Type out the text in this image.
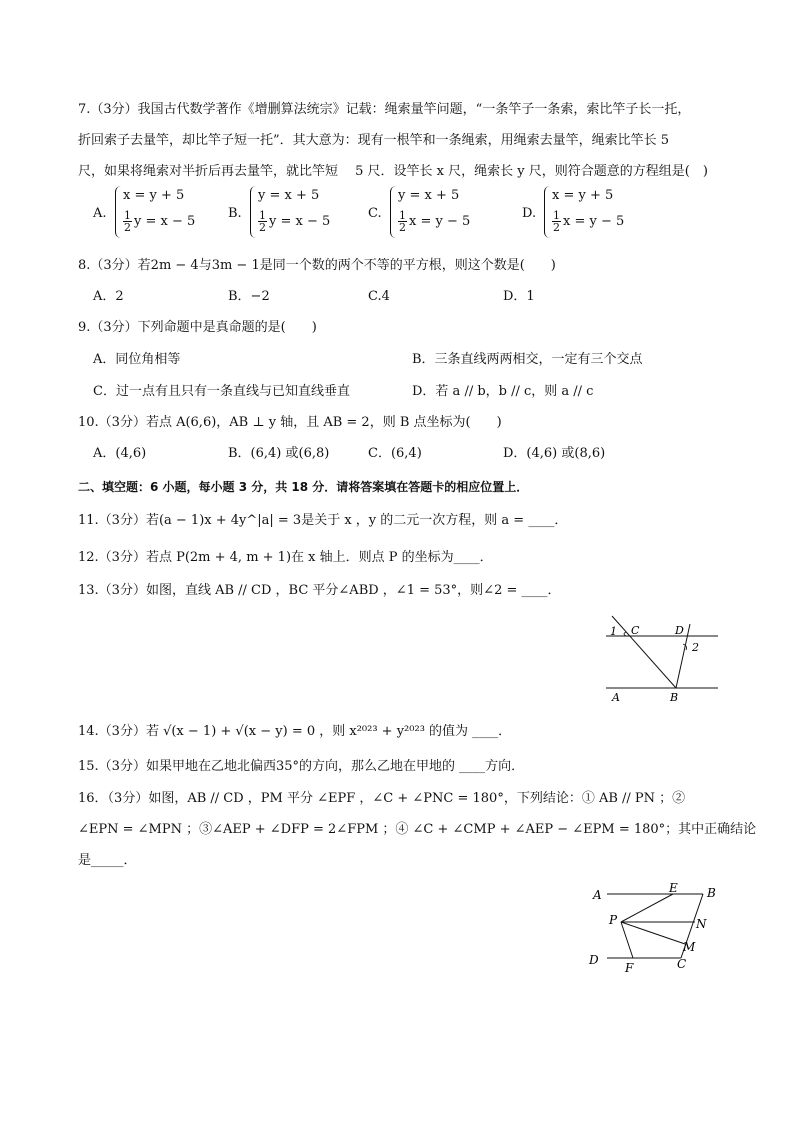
7.（3分）我国古代数学著作《增删算法统宗》记载：绳索量竿问题，“一条竿子一条索，索比竿子长一托，
折回索子去量竿，却比竿子短一托”．其大意为：现有一根竿和一条绳索，用绳索去量竿，绳索比竿长 5
尺，如果将绳索对半折后再去量竿，就比竿短　 5 尺．设竿长 x 尺，绳索长 y 尺，则符合题意的方程组是(　)
A.
x = y + 5
$\frac{1}{2}$ y = x − 5
B.
y = x + 5
$\frac{1}{2}$ y = x − 5
C.
y = x + 5
$\frac{1}{2}$ x = y − 5
D.
x = y + 5
$\frac{1}{2}$ x = y − 5
8.（3分）若2m − 4与3m − 1是同一个数的两个不等的平方根，则这个数是(　　)
A．2	B．−2	C.4	D．1
9.（3分）下列命题中是真命题的是(　　)
A．同位角相等	B．三条直线两两相交，一定有三个交点
C．过一点有且只有一条直线与已知直线垂直	D．若 a // b，b // c，则 a // c
10.（3分）若点 A(6,6)，AB ⊥ y 轴，且 AB = 2，则 B 点坐标为(　　)
A．(4,6)	B．(6,4) 或(6,8)	C．(6,4)	D．(4,6) 或(8,6)
二、填空题：6 小题，每小题 3 分，共 18 分．请将答案填在答题卡的相应位置上．
11.（3分）若(a − 1)x + 4y^|a| = 3是关于 x ，y 的二元一次方程，则 a = ____．
12.（3分）若点 P(2m + 4, m + 1)在 x 轴上．则点 P 的坐标为____．
13.（3分）如图，直线 AB // CD ，BC 平分∠ABD ，∠1 = 53°，则∠2 = ____．
1 C	D
2
A	B
14.（3分）若 √(x − 1) + √(x − y) = 0 ，则 x²⁰²³ + y²⁰²³ 的值为 ____．
15.（3分）如果甲地在乙地北偏西35°的方向，那么乙地在甲地的 ____方向．
16．（3分）如图，AB // CD ，PM 平分 ∠EPF ，∠C + ∠PNC = 180°，下列结论：① AB // PN ；②
∠EPN = ∠MPN ；③∠AEP + ∠DFP = 2∠FPM ；④ ∠C + ∠CMP + ∠AEP − ∠EPM = 180°；其中正确结论
是_____．
A	E B
P	N
M
D
F	C
